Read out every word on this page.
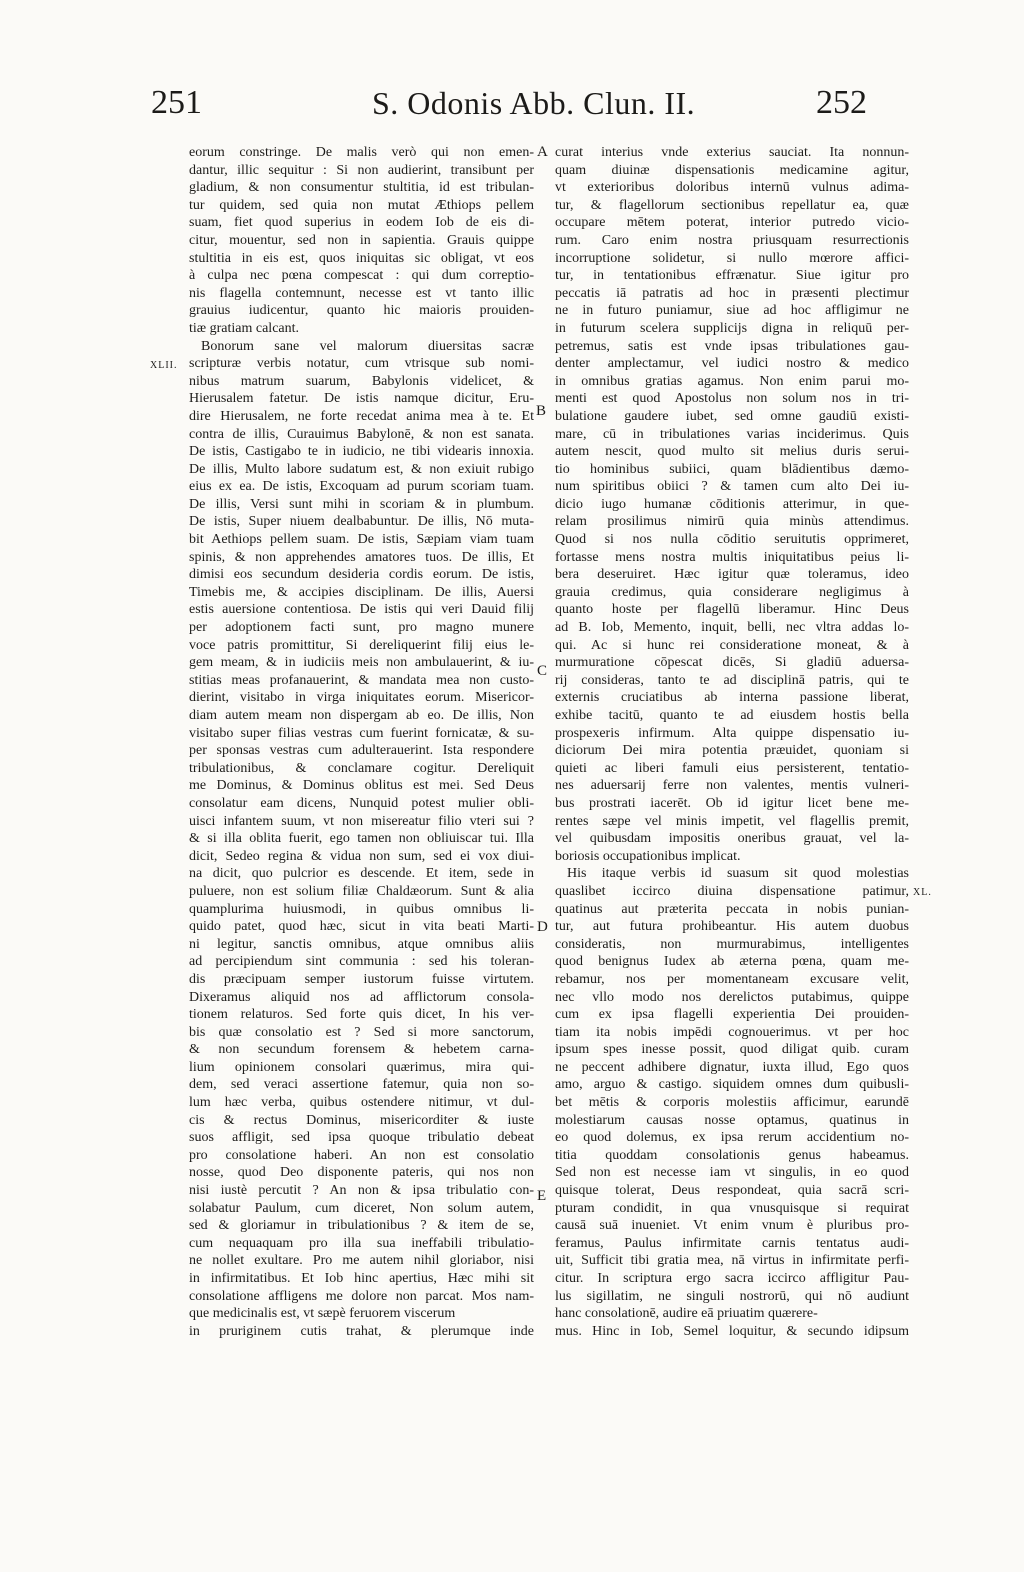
251	S. Odonis Abb. Clun. II.	252
eorum constringe. De malis verò qui non emen-
dantur, illic sequitur : Si non audierint, transibunt per
gladium, & non consumentur stultitia, id est tribulan-
tur quidem, sed quia non mutat Æthiops pellem
suam, fiet quod superius in eodem Iob de eis di-
citur, mouentur, sed non in sapientia. Grauis quippe
stultitia in eis est, quos iniquitas sic obligat, vt eos
à culpa nec pœna compescat : qui dum correptio-
nis flagella contemnunt, necesse est vt tanto illic
grauius iudicentur, quanto hic maioris prouiden-
tiæ gratiam calcant.
Bonorum sane vel malorum diuersitas sacræ
scripturæ verbis notatur, cum vtrisque sub nomi-
nibus matrum suarum, Babylonis videlicet, &
Hierusalem fatetur. De istis namque dicitur, Eru-
dire Hierusalem, ne forte recedat anima mea à te. Et
contra de illis, Curauimus Babylonē, & non est sanata.
De istis, Castigabo te in iudicio, ne tibi videaris innoxia.
De illis, Multo labore sudatum est, & non exiuit rubigo
eius ex ea. De istis, Excoquam ad purum scoriam tuam.
De illis, Versi sunt mihi in scoriam & in plumbum.
De istis, Super niuem dealbabuntur. De illis, Nō muta-
bit Aethiops pellem suam. De istis, Sæpiam viam tuam
spinis, & non apprehendes amatores tuos. De illis, Et
dimisi eos secundum desideria cordis eorum. De istis,
Timebis me, & accipies disciplinam. De illis, Auersi
estis auersione contentiosa. De istis qui veri Dauid filij
per adoptionem facti sunt, pro magno munere
voce patris promittitur, Si dereliquerint filij eius le-
gem meam, & in iudiciis meis non ambulauerint, & iu-
stitias meas profanauerint, & mandata mea non custo-
dierint, visitabo in virga iniquitates eorum. Misericor-
diam autem meam non dispergam ab eo. De illis, Non
visitabo super filias vestras cum fuerint fornicatæ, & su-
per sponsas vestras cum adulterauerint. Ista respondere
tribulationibus, & conclamare cogitur. Dereliquit
me Dominus, & Dominus oblitus est mei. Sed Deus
consolatur eam dicens, Nunquid potest mulier obli-
uisci infantem suum, vt non misereatur filio vteri sui ?
& si illa oblita fuerit, ego tamen non obliuiscar tui. Illa
dicit, Sedeo regina & vidua non sum, sed ei vox diui-
na dicit, quo pulcrior es descende. Et item, sede in
puluere, non est solium filiæ Chaldæorum. Sunt & alia
quamplurima huiusmodi, in quibus omnibus li-
quido patet, quod hæc, sicut in vita beati Marti-
ni legitur, sanctis omnibus, atque omnibus aliis
ad percipiendum sint communia : sed his toleran-
dis præcipuam semper iustorum fuisse virtutem.
Dixeramus aliquid nos ad afflictorum consola-
tionem relaturos. Sed forte quis dicet, In his ver-
bis quæ consolatio est ? Sed si more sanctorum,
& non secundum forensem & hebetem carna-
lium opinionem consolari quærimus, mira qui-
dem, sed veraci assertione fatemur, quia non so-
lum hæc verba, quibus ostendere nitimur, vt dul-
cis & rectus Dominus, misericorditer & iuste
suos affligit, sed ipsa quoque tribulatio debeat
pro consolatione haberi. An non est consolatio
nosse, quod Deo disponente pateris, qui nos non
nisi iustè percutit ? An non & ipsa tribulatio con-
solabatur Paulum, cum diceret, Non solum autem,
sed & gloriamur in tribulationibus ? & item de se,
cum nequaquam pro illa sua ineffabili tribulatio-
ne nollet exultare. Pro me autem nihil gloriabor, nisi
in infirmitatibus. Et Iob hinc apertius, Hæc mihi sit
consolatione affligens me dolore non parcat. Mos nam-
que medicinalis est, vt sæpè feruorem viscerum
in pruriginem cutis trahat, & plerumque inde
curat interius vnde exterius sauciat. Ita nonnun-
quam diuinæ dispensationis medicamine agitur,
vt exterioribus doloribus internū vulnus adima-
tur, & flagellorum sectionibus repellatur ea, quæ
occupare mētem poterat, interior putredo vicio-
rum. Caro enim nostra priusquam resurrectionis
incorruptione solidetur, si nullo mœrore affici-
tur, in tentationibus effrænatur. Siue igitur pro
peccatis iā patratis ad hoc in præsenti plectimur
ne in futuro puniamur, siue ad hoc affligimur ne
in futurum scelera supplicijs digna in reliquū per-
petremus, satis est vnde ipsas tribulationes gau-
denter amplectamur, vel iudici nostro & medico
in omnibus gratias agamus. Non enim parui mo-
menti est quod Apostolus non solum nos in tri-
bulatione gaudere iubet, sed omne gaudiū existi-
mare, cū in tribulationes varias inciderimus. Quis
autem nescit, quod multo sit melius duris serui-
tio hominibus subiici, quam blādientibus dæmo-
num spiritibus obiici ? & tamen cum alto Dei iu-
dicio iugo humanæ cōditionis atterimur, in que-
relam prosilimus nimirū quia minùs attendimus.
Quod si nos nulla cōditio seruitutis opprimeret,
fortasse mens nostra multis iniquitatibus peius li-
bera deseruiret. Hæc igitur quæ toleramus, ideo
grauia credimus, quia considerare negligimus à
quanto hoste per flagellū liberamur. Hinc Deus
ad B. Iob, Memento, inquit, belli, nec vltra addas lo-
qui. Ac si hunc rei consideratione moneat, & à
murmuratione cōpescat dicēs, Si gladiū aduersa-
rij consideras, tanto te ad disciplinā patris, qui te
externis cruciatibus ab interna passione liberat,
exhibe tacitū, quanto te ad eiusdem hostis bella
prospexeris infirmum. Alta quippe dispensatio iu-
diciorum Dei mira potentia præuidet, quoniam si
quieti ac liberi famuli eius persisterent, tentatio-
nes aduersarij ferre non valentes, mentis vulneri-
bus prostrati iacerēt. Ob id igitur licet bene me-
rentes sæpe vel minis impetit, vel flagellis premit,
vel quibusdam impositis oneribus grauat, vel la-
boriosis occupationibus implicat.
His itaque verbis id suasum sit quod molestias
quaslibet iccirco diuina dispensatione patimur,
quatinus aut præterita peccata in nobis punian-
tur, aut futura prohibeantur. His autem duobus
consideratis, non murmurabimus, intelligentes
quod benignus Iudex ab æterna pœna, quam me-
rebamur, nos per momentaneam excusare velit,
nec vllo modo nos derelictos putabimus, quippe
cum ex ipsa flagelli experientia Dei prouiden-
tiam ita nobis impēdi cognouerimus. vt per hoc
ipsum spes inesse possit, quod diligat quib. curam
ne peccent adhibere dignatur, iuxta illud, Ego quos
amo, arguo & castigo. siquidem omnes dum quibusli-
bet mētis & corporis molestiis afficimur, earundē
molestiarum causas nosse optamus, quatinus in
eo quod dolemus, ex ipsa rerum accidentium no-
titia quoddam consolationis genus habeamus.
Sed non est necesse iam vt singulis, in eo quod
quisque tolerat, Deus respondeat, quia sacrā scri-
pturam condidit, in qua vnusquisque si requirat
causā suā inueniet. Vt enim vnum è pluribus pro-
feramus, Paulus infirmitate carnis tentatus audi-
uit, Sufficit tibi gratia mea, nā virtus in infirmitate perfi-
citur. In scriptura ergo sacra iccirco affligitur Pau-
lus sigillatim, ne singuli nostrorū, qui nō audiunt
hanc consolationē, audire eā priuatim quærere-
mus. Hinc in Iob, Semel loquitur, & secundo idipsum
A
B
C
D
E
XLII.
XL.
